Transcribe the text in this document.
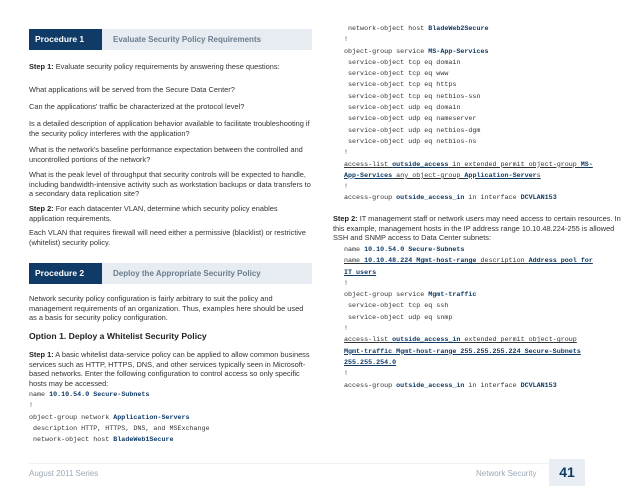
Procedure 1	Evaluate Security Policy Requirements
Step 1: Evaluate security policy requirements by answering these questions:
What applications will be served from the Secure Data Center?
Can the applications' traffic be characterized at the protocol level?
Is a detailed description of application behavior available to facilitate troubleshooting if the security policy interferes with the application?
What is the network's baseline performance expectation between the controlled and uncontrolled portions of the network?
What is the peak level of throughput that security controls will be expected to handle, including bandwidth-intensive activity such as workstation backups or data transfers to a secondary data replication site?
Step 2: For each datacenter VLAN, determine which security policy enables application requirements.
Each VLAN that requires firewall will need either a permissive (blacklist) or restrictive (whitelist) security policy.
Procedure 2	Deploy the Appropriate Security Policy
Network security policy configuration is fairly arbitrary to suit the policy and management requirements of an organization. Thus, examples here should be used as a basis for security policy configuration.
Option 1. Deploy a Whitelist Security Policy
Step 1: A basic whitelist data-service policy can be applied to allow common business services such as HTTP, HTTPS, DNS, and other services typically seen in Microsoft-based networks. Enter the following configuration to control access so only specific hosts may be accessed:
name 10.10.54.0 Secure-Subnets
!
object-group network Application-Servers
description HTTP, HTTPS, DNS, and MSExchange
network-object host BladeWeb1Secure
network-object host BladeWeb2Secure
!
object-group service MS-App-Services
service-object tcp eq domain
service-object tcp eq www
service-object tcp eq https
service-object tcp eq netbios-ssn
service-object udp eq domain
service-object udp eq nameserver
service-object udp eq netbios-dgm
service-object udp eq netbios-ns
!
access-list outside_access in extended permit object-group MS-
App-Services any object-group Application-Servers
!
access-group outside_access_in in interface DCVLAN153
Step 2: IT management staff or network users may need access to certain resources. In this example, management hosts in the IP address range 10.10.48.224-255 is allowed SSH and SNMP access to Data Center subnets:
name 10.10.54.0 Secure-Subnets
name 10.10.48.224 Mgmt-host-range description Address pool for
IT users
!
object-group service Mgmt-traffic
service-object tcp eq ssh
service-object udp eq snmp
!
access-list outside_access_in extended permit object-group
Mgmt-traffic Mgmt-host-range 255.255.255.224 Secure-Subnets
255.255.254.0
!
access-group outside_access_in in interface DCVLAN153
August 2011 Series	Network Security	41
